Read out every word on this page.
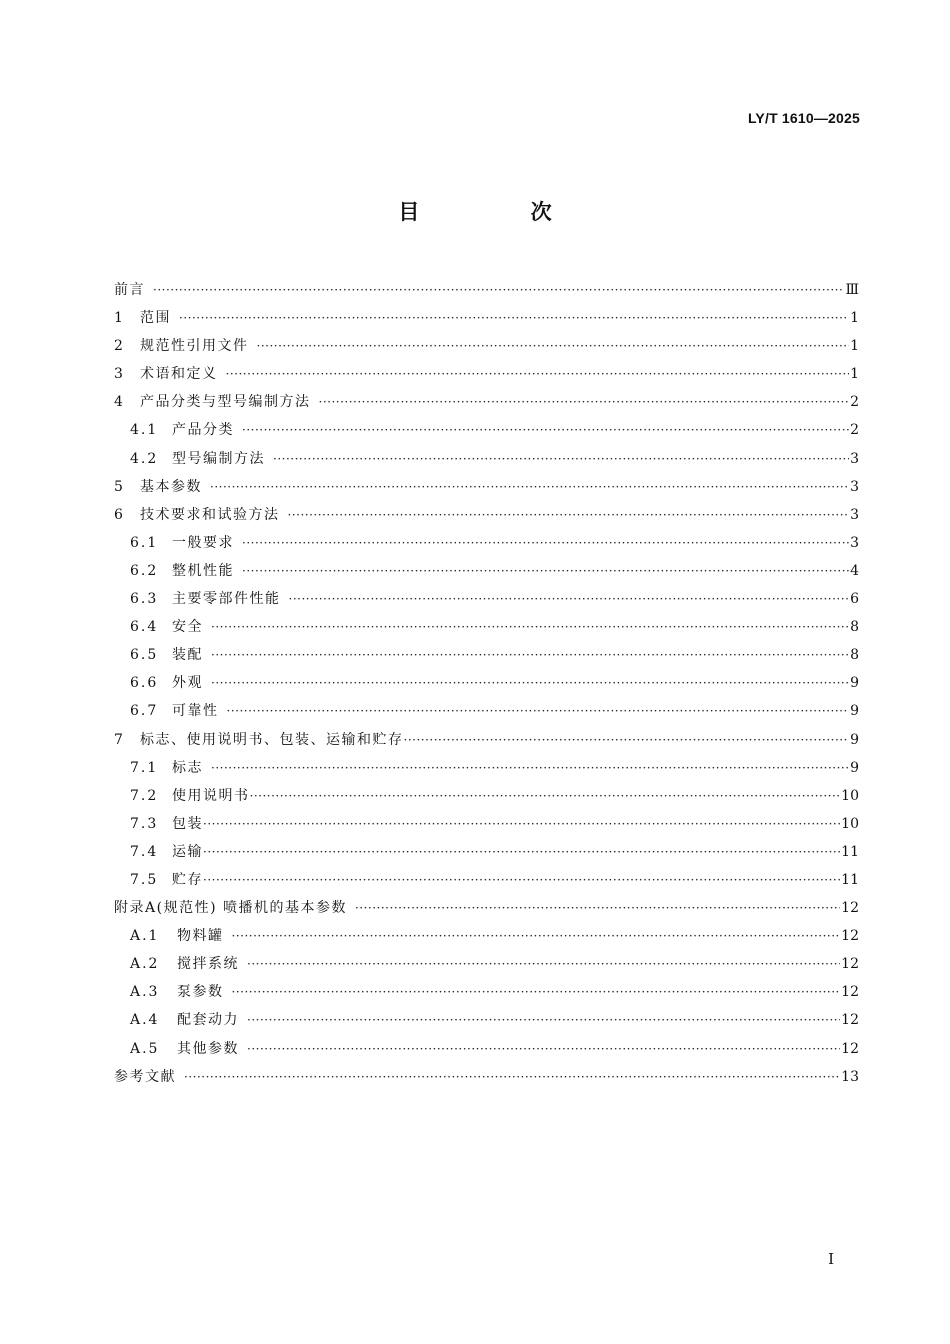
LY/T 1610—2025
目 次
前言 ·····	Ⅲ
1	范围 ·····	1
2	规范性引用文件 ·····	1
3	术语和定义 ·····	1
4	产品分类与型号编制方法 ·····	2
4.1 产品分类 ·····	2
4.2 型号编制方法 ·····	3
5	基本参数 ·····	3
6	技术要求和试验方法 ·····	3
6.1 一般要求 ·····	3
6.2 整机性能 ·····	4
6.3 主要零部件性能 ·····	6
6.4 安全 ·····	8
6.5 装配 ·····	8
6.6 外观 ·····	9
6.7 可靠性 ·····	9
7	标志、使用说明书、包装、运输和贮存 ·····	9
7.1 标志 ·····	9
7.2 使用说明书 ·····	10
7.3 包装 ·····	10
7.4 运输 ·····	11
7.5 贮存 ·····	11
附录A(规范性) 喷播机的基本参数 ·····	12
A.1	物料罐 ·····	12
A.2	搅拌系统 ·····	12
A.3	泵参数 ·····	12
A.4	配套动力 ·····	12
A.5	其他参数 ·····	12
参考文献 ·····	13
I
